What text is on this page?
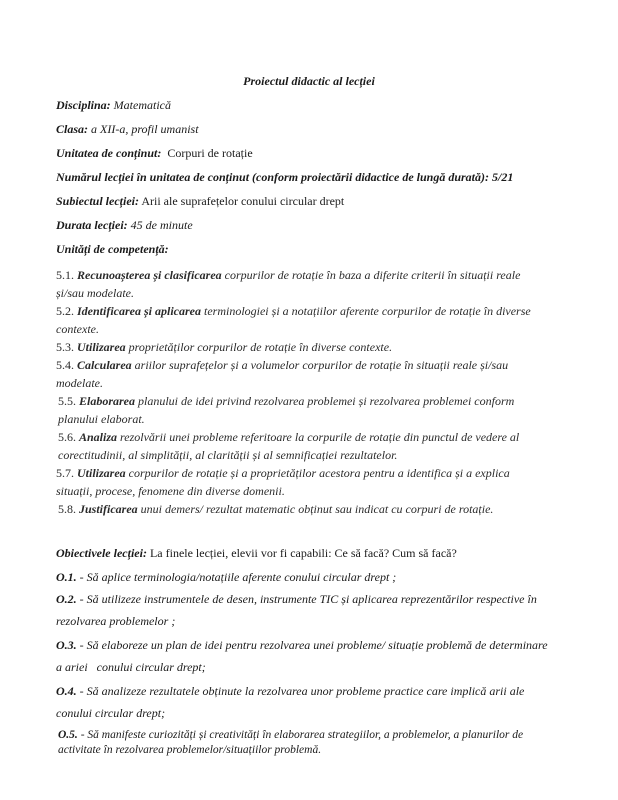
Proiectul didactic al lecției
Disciplina: Matematică
Clasa: a XII-a, profil umanist
Unitatea de conținut: Corpuri de rotație
Numărul lecției în unitatea de conținut (conform proiectării didactice de lungă durată): 5/21
Subiectul lecției: Arii ale suprafețelor conului circular drept
Durata lecției: 45 de minute
Unități de competență:
5.1. Recunoașterea și clasificarea corpurilor de rotație în baza a diferite criterii în situații reale
și/sau modelate.
5.2. Identificarea și aplicarea terminologiei și a notațiilor aferente corpurilor de rotație în diverse
contexte.
5.3. Utilizarea proprietăților corpurilor de rotație în diverse contexte.
5.4. Calcularea ariilor suprafețelor și a volumelor corpurilor de rotație în situații reale și/sau
modelate.
5.5. Elaborarea planului de idei privind rezolvarea problemei și rezolvarea problemei conform
planului elaborat.
5.6. Analiza rezolvării unei probleme referitoare la corpurile de rotație din punctul de vedere al
corectitudinii, al simplității, al clarității și al semnificației rezultatelor.
5.7. Utilizarea corpurilor de rotație și a proprietăților acestora pentru a identifica și a explica
situații, procese, fenomene din diverse domenii.
5.8. Justificarea unui demers/ rezultat matematic obținut sau indicat cu corpuri de rotație.
Obiectivele lecției: La finele lecției, elevii vor fi capabili: Ce să facă? Cum să facă?
O.1. - Să aplice terminologia/notațiile aferente conului circular drept ;
O.2. - Să utilizeze instrumentele de desen, instrumente TIC și aplicarea reprezentărilor respective în
rezolvarea problemelor ;
O.3. - Să elaboreze un plan de idei pentru rezolvarea unei probleme/ situație problemă de determinare
a ariei   conului circular drept;
O.4. - Să analizeze rezultatele obținute la rezolvarea unor probleme practice care implică arii ale
conului circular drept;
O.5. - Să manifeste curiozități și creativități în elaborarea strategiilor, a problemelor, a planurilor de
activitate în rezolvarea problemelor/situațiilor problemă.
